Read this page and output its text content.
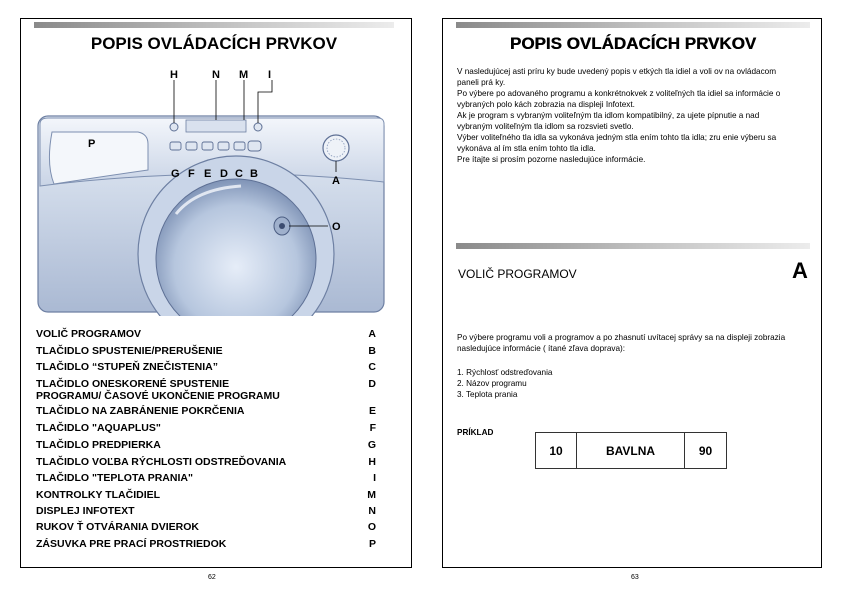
POPIS OVLÁDACÍCH PRVKOV
H	N M I
G F E D C B
P
A
O
VOLIČ PROGRAMOV	A
TLAČIDLO SPUSTENIE/PRERUŠENIE	B
TLAČIDLO “STUPEŇ ZNEČISTENIA”	C
TLAČIDLO ONESKORENÉ SPUSTENIE	D

PROGRAMU/ ČASOVÉ UKONČENIE PROGRAMU
TLAČIDLO NA ZABRÁNENIE POKRČENIA	E
TLAČIDLO "AQUAPLUS"	F
TLAČIDLO PREDPIERKA	G
TLAČIDLO VOĽBA RÝCHLOSTI ODSTREĎOVANIA	H
TLAČIDLO "TEPLOTA PRANIA"	I
KONTROLKY TLAČIDIEL	M
DISPLEJ INFOTEXT	N
RUKOV Ť OTVÁRANIA DVIEROK	O
ZÁSUVKA PRE PRACÍ PROSTRIEDOK	P
62
POPIS OVLÁDACÍCH PRVKOV
V nasledujúcej asti príru ky bude uvedený popis v etkých tla idiel a voli ov na ovládacom
paneli prá ky.
Po výbere po adovaného programu a konkrétnokvek z voliteľných tla idiel sa informácie o
vybraných polo kách zobrazia na displeji Infotext.
Ak je program s vybraným voliteľným tla idlom kompatibilný, za ujete pípnutie a nad
vybraným voliteľným tla idlom sa rozsvieti svetlo.
Výber voliteľného tla idla sa vykonáva jedným stla ením tohto tla idla; zru enie výberu sa
vykonáva al ím stla ením tohto tla idla.
Pre ítajte si prosím pozorne nasledujúce informácie.
VOLIČ PROGRAMOV	A
Po výbere programu voli a programov a po zhasnutí uvítacej správy sa na displeji zobrazia
nasledujúce informácie ( ítané zľava doprava):
1. Rýchlosť odstreďovania
2. Názov programu
3. Teplota prania
PRÍKLAD
10	BAVLNA	90
63
